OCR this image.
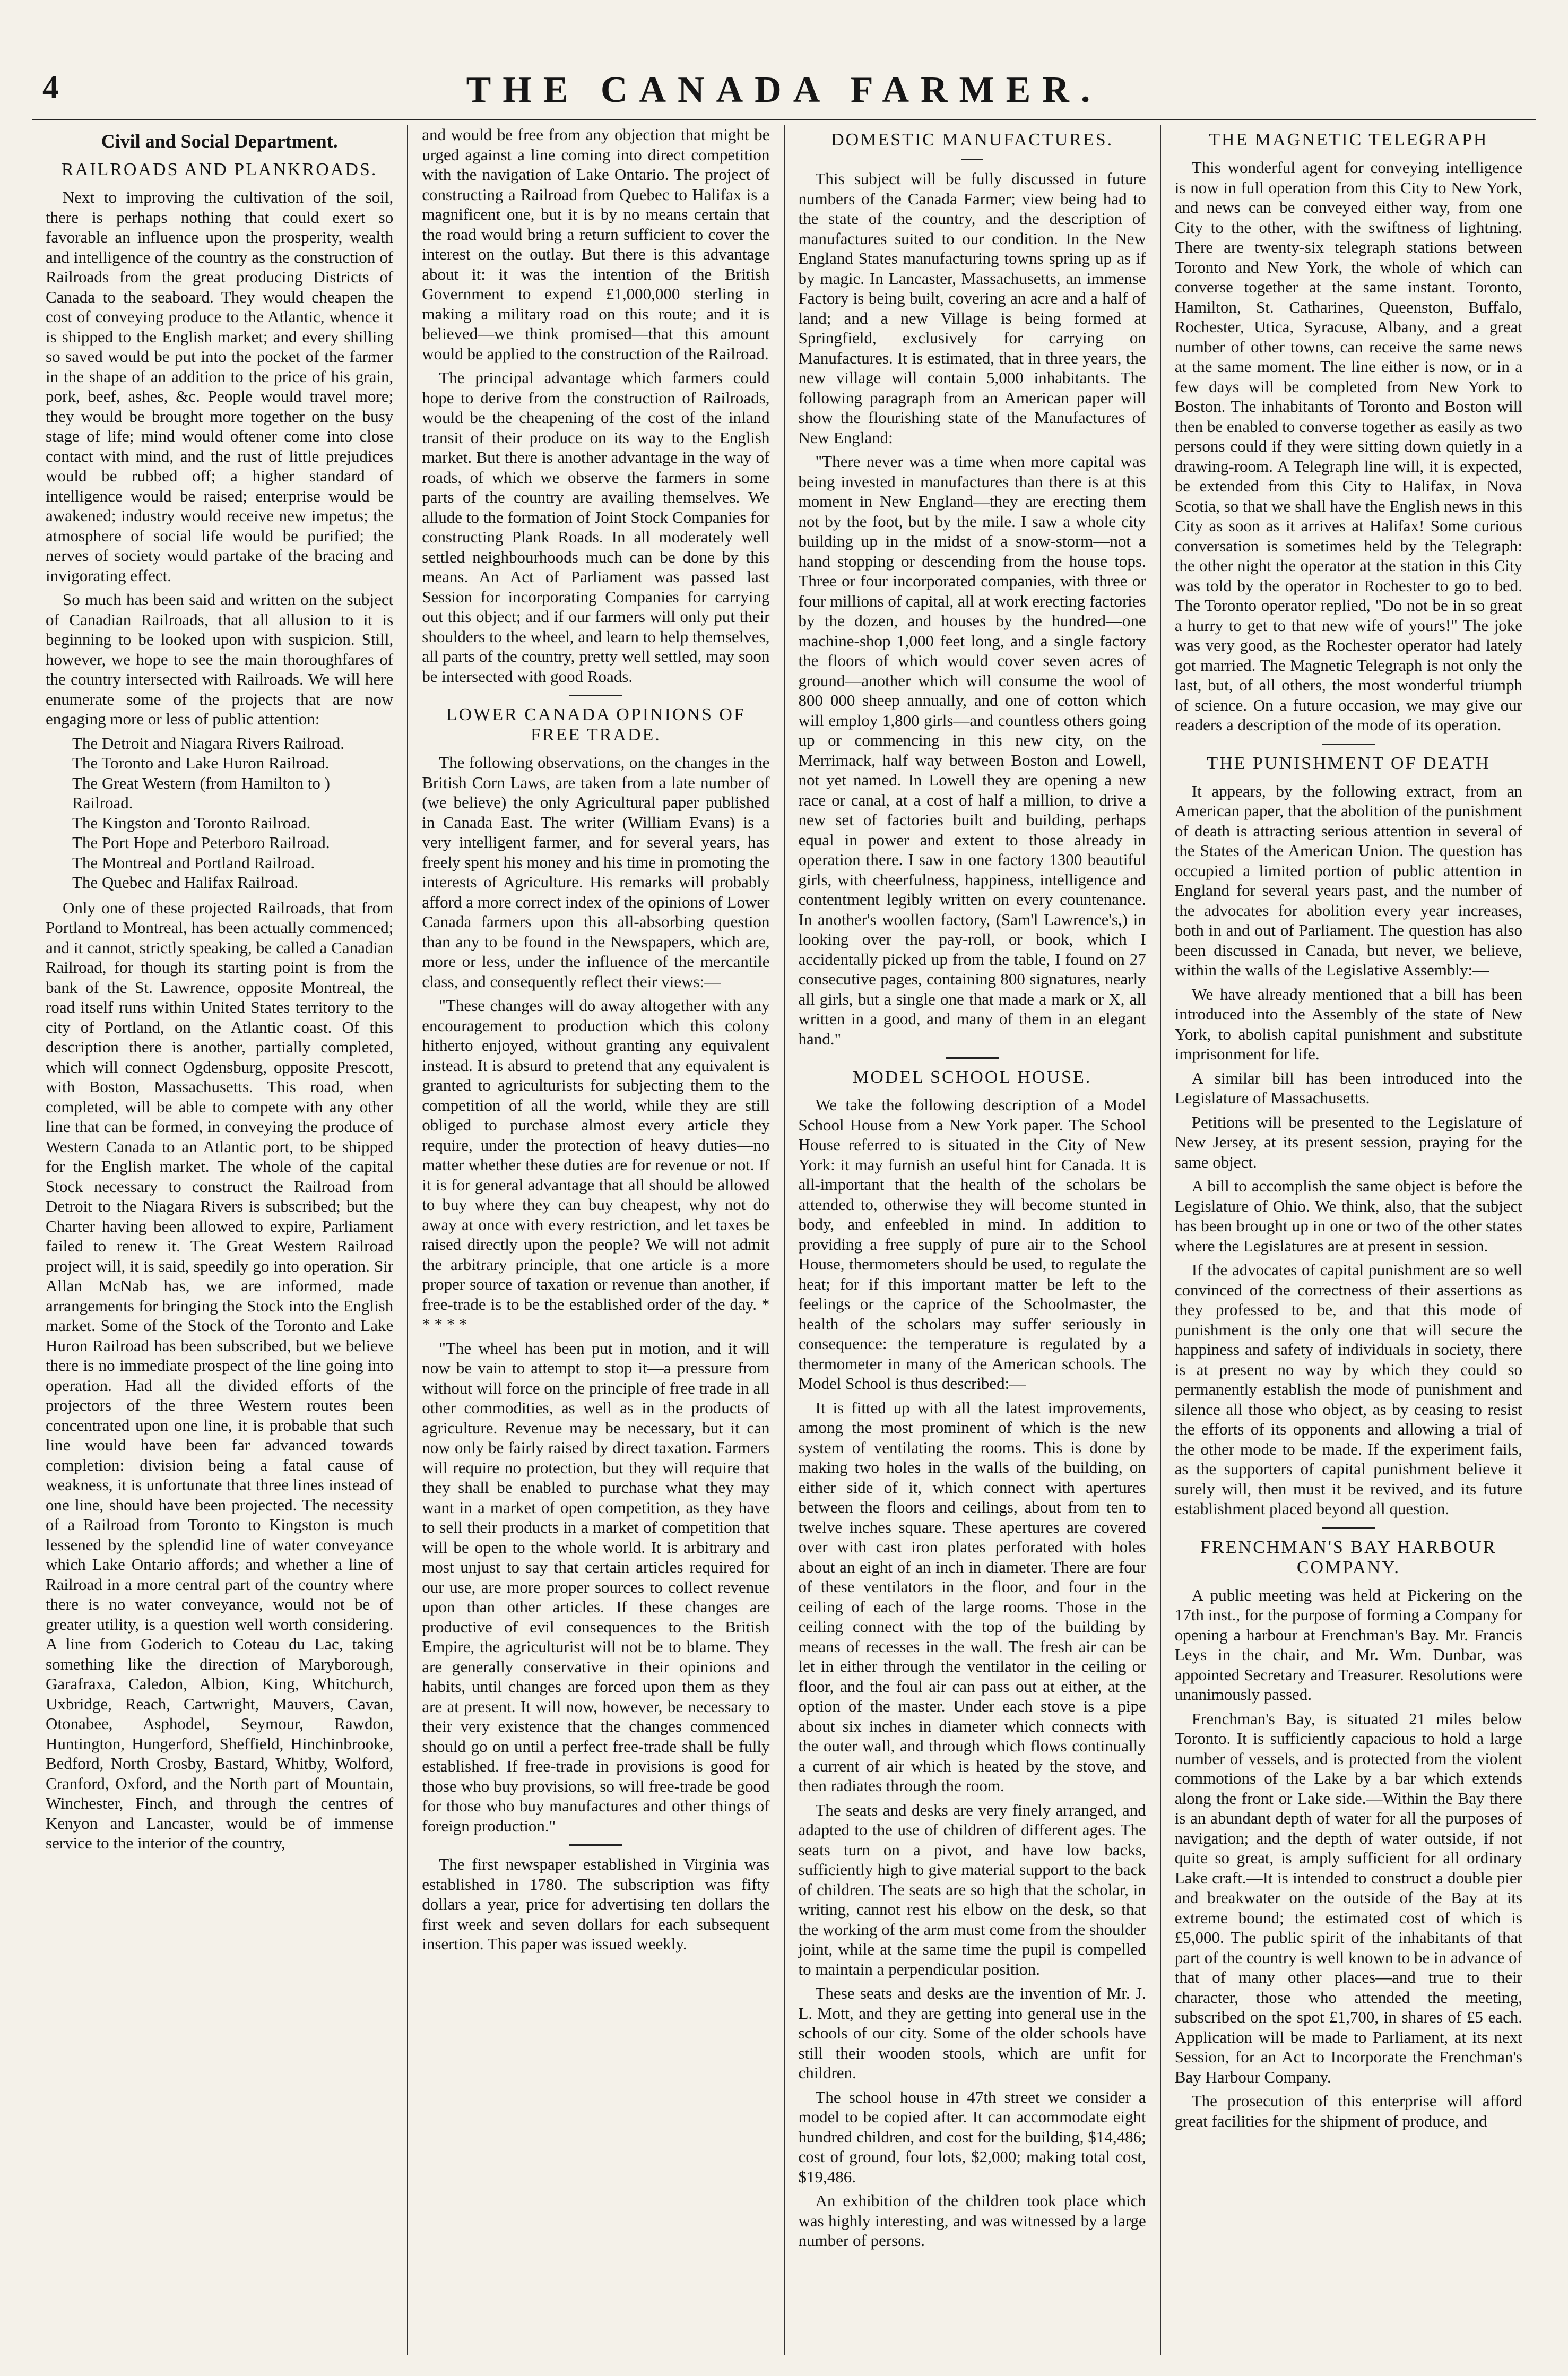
4	THE CANADA FARMER.
Civil and Social Department.
RAILROADS AND PLANKROADS.

Next to improving the cultivation of the soil, there is perhaps nothing that could exert so favorable an influence upon the prosperity, wealth and intelligence of the country as the construction of Railroads from the great producing Districts of Canada to the seaboard. They would cheapen the cost of conveying produce to the Atlantic, whence it is shipped to the English market; and every shilling so saved would be put into the pocket of the farmer in the shape of an addition to the price of his grain, pork, beef, ashes, &c. People would travel more; they would be brought more together on the busy stage of life; mind would oftener come into close contact with mind, and the rust of little prejudices would be rubbed off; a higher standard of intelligence would be raised; enterprise would be awakened; industry would receive new impetus; the atmosphere of social life would be purified; the nerves of society would partake of the bracing and invigorating effect.

So much has been said and written on the subject of Canadian Railroads, that all allusion to it is beginning to be looked upon with suspicion. Still, however, we hope to see the main thoroughfares of the country intersected with Railroads. We will here enumerate some of the projects that are now engaging more or less of public attention:

The Detroit and Niagara Rivers Railroad.
The Toronto and Lake Huron Railroad.
The Great Western (from Hamilton to ) Railroad.
The Kingston and Toronto Railroad.
The Port Hope and Peterboro Railroad.
The Montreal and Portland Railroad.
The Quebec and Halifax Railroad.

Only one of these projected Railroads, that from Portland to Montreal, has been actually commenced; and it cannot, strictly speaking, be called a Canadian Railroad, for though its starting point is from the bank of the St. Lawrence, opposite Montreal, the road itself runs within United States territory to the city of Portland, on the Atlantic coast. Of this description there is another, partially completed, which will connect Ogdensburg, opposite Prescott, with Boston, Massachusetts. This road, when completed, will be able to compete with any other line that can be formed, in conveying the produce of Western Canada to an Atlantic port, to be shipped for the English market. The whole of the capital Stock necessary to construct the Railroad from Detroit to the Niagara Rivers is subscribed; but the Charter having been allowed to expire, Parliament failed to renew it. The Great Western Railroad project will, it is said, speedily go into operation. Sir Allan McNab has, we are informed, made arrangements for bringing the Stock into the English market. Some of the Stock of the Toronto and Lake Huron Railroad has been subscribed, but we believe there is no immediate prospect of the line going into operation. Had all the divided efforts of the projectors of the three Western routes been concentrated upon one line, it is probable that such line would have been far advanced towards completion: division being a fatal cause of weakness, it is unfortunate that three lines instead of one line, should have been projected. The necessity of a Railroad from Toronto to Kingston is much lessened by the splendid line of water conveyance which Lake Ontario affords; and whether a line of Railroad in a more central part of the country where there is no water conveyance, would not be of greater utility, is a question well worth considering. A line from Goderich to Coteau du Lac, taking something like the direction of Maryborough, Garafraxa, Caledon, Albion, King, Whitchurch, Uxbridge, Reach, Cartwright, Mauvers, Cavan, Otonabee, Asphodel, Seymour, Rawdon, Huntington, Hungerford, Sheffield, Hinchinbrooke, Bedford, North Crosby, Bastard, Whitby, Wolford, Cranford, Oxford, and the North part of Mountain, Winchester, Finch, and through the centres of Kenyon and Lancaster, would be of immense service to the interior of the country,

and would be free from any objection that might be urged against a line coming into direct competition with the navigation of Lake Ontario. The project of constructing a Railroad from Quebec to Halifax is a magnificent one, but it is by no means certain that the road would bring a return sufficient to cover the interest on the outlay. But there is this advantage about it: it was the intention of the British Government to expend £1,000,000 sterling in making a military road on this route; and it is believed—we think promised—that this amount would be applied to the construction of the Railroad.

The principal advantage which farmers could hope to derive from the construction of Railroads, would be the cheapening of the cost of the inland transit of their produce on its way to the English market. But there is another advantage in the way of roads, of which we observe the farmers in some parts of the country are availing themselves. We allude to the formation of Joint Stock Companies for constructing Plank Roads. In all moderately well settled neighbourhoods much can be done by this means. An Act of Parliament was passed last Session for incorporating Companies for carrying out this object; and if our farmers will only put their shoulders to the wheel, and learn to help themselves, all parts of the country, pretty well settled, may soon be intersected with good Roads.

LOWER CANADA OPINIONS OF FREE TRADE.

The following observations, on the changes in the British Corn Laws, are taken from a late number of (we believe) the only Agricultural paper published in Canada East. The writer (William Evans) is a very intelligent farmer, and for several years, has freely spent his money and his time in promoting the interests of Agriculture. His remarks will probably afford a more correct index of the opinions of Lower Canada farmers upon this all-absorbing question than any to be found in the Newspapers, which are, more or less, under the influence of the mercantile class, and consequently reflect their views:—

"These changes will do away altogether with any encouragement to production which this colony hitherto enjoyed, without granting any equivalent instead. It is absurd to pretend that any equivalent is granted to agriculturists for subjecting them to the competition of all the world, while they are still obliged to purchase almost every article they require, under the protection of heavy duties—no matter whether these duties are for revenue or not. If it is for general advantage that all should be allowed to buy where they can buy cheapest, why not do away at once with every restriction, and let taxes be raised directly upon the people? We will not admit the arbitrary principle, that one article is a more proper source of taxation or revenue than another, if free-trade is to be the established order of the day. * * * * *

"The wheel has been put in motion, and it will now be vain to attempt to stop it—a pressure from without will force on the principle of free trade in all other commodities, as well as in the products of agriculture. Revenue may be necessary, but it can now only be fairly raised by direct taxation. Farmers will require no protection, but they will require that they shall be enabled to purchase what they may want in a market of open competition, as they have to sell their products in a market of competition that will be open to the whole world. It is arbitrary and most unjust to say that certain articles required for our use, are more proper sources to collect revenue upon than other articles. If these changes are productive of evil consequences to the British Empire, the agriculturist will not be to blame. They are generally conservative in their opinions and habits, until changes are forced upon them as they are at present. It will now, however, be necessary to their very existence that the changes commenced should go on until a perfect free-trade shall be fully established. If free-trade in provisions is good for those who buy provisions, so will free-trade be good for those who buy manufactures and other things of foreign production."

The first newspaper established in Virginia was established in 1780. The subscription was fifty dollars a year, price for advertising ten dollars the first week and seven dollars for each subsequent insertion. This paper was issued weekly.

DOMESTIC MANUFACTURES.

This subject will be fully discussed in future numbers of the Canada Farmer; view being had to the state of the country, and the description of manufactures suited to our condition. In the New England States manufacturing towns spring up as if by magic. In Lancaster, Massachusetts, an immense Factory is being built, covering an acre and a half of land; and a new Village is being formed at Springfield, exclusively for carrying on Manufactures. It is estimated, that in three years, the new village will contain 5,000 inhabitants. The following paragraph from an American paper will show the flourishing state of the Manufactures of New England:

"There never was a time when more capital was being invested in manufactures than there is at this moment in New England—they are erecting them not by the foot, but by the mile. I saw a whole city building up in the midst of a snow-storm—not a hand stopping or descending from the house tops. Three or four incorporated companies, with three or four millions of capital, all at work erecting factories by the dozen, and houses by the hundred—one machine-shop 1,000 feet long, and a single factory the floors of which would cover seven acres of ground—another which will consume the wool of 800 000 sheep annually, and one of cotton which will employ 1,800 girls—and countless others going up or commencing in this new city, on the Merrimack, half way between Boston and Lowell, not yet named. In Lowell they are opening a new race or canal, at a cost of half a million, to drive a new set of factories built and building, perhaps equal in power and extent to those already in operation there. I saw in one factory 1300 beautiful girls, with cheerfulness, happiness, intelligence and contentment legibly written on every countenance. In another's woollen factory, (Sam'l Lawrence's,) in looking over the pay-roll, or book, which I accidentally picked up from the table, I found on 27 consecutive pages, containing 800 signatures, nearly all girls, but a single one that made a mark or X, all written in a good, and many of them in an elegant hand."

MODEL SCHOOL HOUSE.

We take the following description of a Model School House from a New York paper. The School House referred to is situated in the City of New York: it may furnish an useful hint for Canada. It is all-important that the health of the scholars be attended to, otherwise they will become stunted in body, and enfeebled in mind. In addition to providing a free supply of pure air to the School House, thermometers should be used, to regulate the heat; for if this important matter be left to the feelings or the caprice of the Schoolmaster, the health of the scholars may suffer seriously in consequence: the temperature is regulated by a thermometer in many of the American schools. The Model School is thus described:—

It is fitted up with all the latest improvements, among the most prominent of which is the new system of ventilating the rooms. This is done by making two holes in the walls of the building, on either side of it, which connect with apertures between the floors and ceilings, about from ten to twelve inches square. These apertures are covered over with cast iron plates perforated with holes about an eight of an inch in diameter. There are four of these ventilators in the floor, and four in the ceiling of each of the large rooms. Those in the ceiling connect with the top of the building by means of recesses in the wall. The fresh air can be let in either through the ventilator in the ceiling or floor, and the foul air can pass out at either, at the option of the master. Under each stove is a pipe about six inches in diameter which connects with the outer wall, and through which flows continually a current of air which is heated by the stove, and then radiates through the room.

The seats and desks are very finely arranged, and adapted to the use of children of different ages. The seats turn on a pivot, and have low backs, sufficiently high to give material support to the back of children. The seats are so high that the scholar, in writing, cannot rest his elbow on the desk, so that the working of the arm must come from the shoulder joint, while at the same time the pupil is compelled to maintain a perpendicular position.

These seats and desks are the invention of Mr. J. L. Mott, and they are getting into general use in the schools of our city. Some of the older schools have still their wooden stools, which are unfit for children.

The school house in 47th street we consider a model to be copied after. It can accommodate eight hundred children, and cost for the building, $14,486; cost of ground, four lots, $2,000; making total cost, $19,486.

An exhibition of the children took place which was highly interesting, and was witnessed by a large number of persons.

THE MAGNETIC TELEGRAPH

This wonderful agent for conveying intelligence is now in full operation from this City to New York, and news can be conveyed either way, from one City to the other, with the swiftness of lightning. There are twenty-six telegraph stations between Toronto and New York, the whole of which can converse together at the same instant. Toronto, Hamilton, St. Catharines, Queenston, Buffalo, Rochester, Utica, Syracuse, Albany, and a great number of other towns, can receive the same news at the same moment. The line either is now, or in a few days will be completed from New York to Boston. The inhabitants of Toronto and Boston will then be enabled to converse together as easily as two persons could if they were sitting down quietly in a drawing-room. A Telegraph line will, it is expected, be extended from this City to Halifax, in Nova Scotia, so that we shall have the English news in this City as soon as it arrives at Halifax! Some curious conversation is sometimes held by the Telegraph: the other night the operator at the station in this City was told by the operator in Rochester to go to bed. The Toronto operator replied, "Do not be in so great a hurry to get to that new wife of yours!" The joke was very good, as the Rochester operator had lately got married. The Magnetic Telegraph is not only the last, but, of all others, the most wonderful triumph of science. On a future occasion, we may give our readers a description of the mode of its operation.

THE PUNISHMENT OF DEATH

It appears, by the following extract, from an American paper, that the abolition of the punishment of death is attracting serious attention in several of the States of the American Union. The question has occupied a limited portion of public attention in England for several years past, and the number of the advocates for abolition every year increases, both in and out of Parliament. The question has also been discussed in Canada, but never, we believe, within the walls of the Legislative Assembly:—

We have already mentioned that a bill has been introduced into the Assembly of the state of New York, to abolish capital punishment and substitute imprisonment for life.

A similar bill has been introduced into the Legislature of Massachusetts.

Petitions will be presented to the Legislature of New Jersey, at its present session, praying for the same object.

A bill to accomplish the same object is before the Legislature of Ohio. We think, also, that the subject has been brought up in one or two of the other states where the Legislatures are at present in session.

If the advocates of capital punishment are so well convinced of the correctness of their assertions as they professed to be, and that this mode of punishment is the only one that will secure the happiness and safety of individuals in society, there is at present no way by which they could so permanently establish the mode of punishment and silence all those who object, as by ceasing to resist the efforts of its opponents and allowing a trial of the other mode to be made. If the experiment fails, as the supporters of capital punishment believe it surely will, then must it be revived, and its future establishment placed beyond all question.

FRENCHMAN'S BAY HARBOUR COMPANY.

A public meeting was held at Pickering on the 17th inst., for the purpose of forming a Company for opening a harbour at Frenchman's Bay. Mr. Francis Leys in the chair, and Mr. Wm. Dunbar, was appointed Secretary and Treasurer. Resolutions were unanimously passed.

Frenchman's Bay, is situated 21 miles below Toronto. It is sufficiently capacious to hold a large number of vessels, and is protected from the violent commotions of the Lake by a bar which extends along the front or Lake side.—Within the Bay there is an abundant depth of water for all the purposes of navigation; and the depth of water outside, if not quite so great, is amply sufficient for all ordinary Lake craft.—It is intended to construct a double pier and breakwater on the outside of the Bay at its extreme bound; the estimated cost of which is £5,000. The public spirit of the inhabitants of that part of the country is well known to be in advance of that of many other places—and true to their character, those who attended the meeting, subscribed on the spot £1,700, in shares of £5 each. Application will be made to Parliament, at its next Session, for an Act to Incorporate the Frenchman's Bay Harbour Company.

The prosecution of this enterprise will afford great facilities for the shipment of produce, and
